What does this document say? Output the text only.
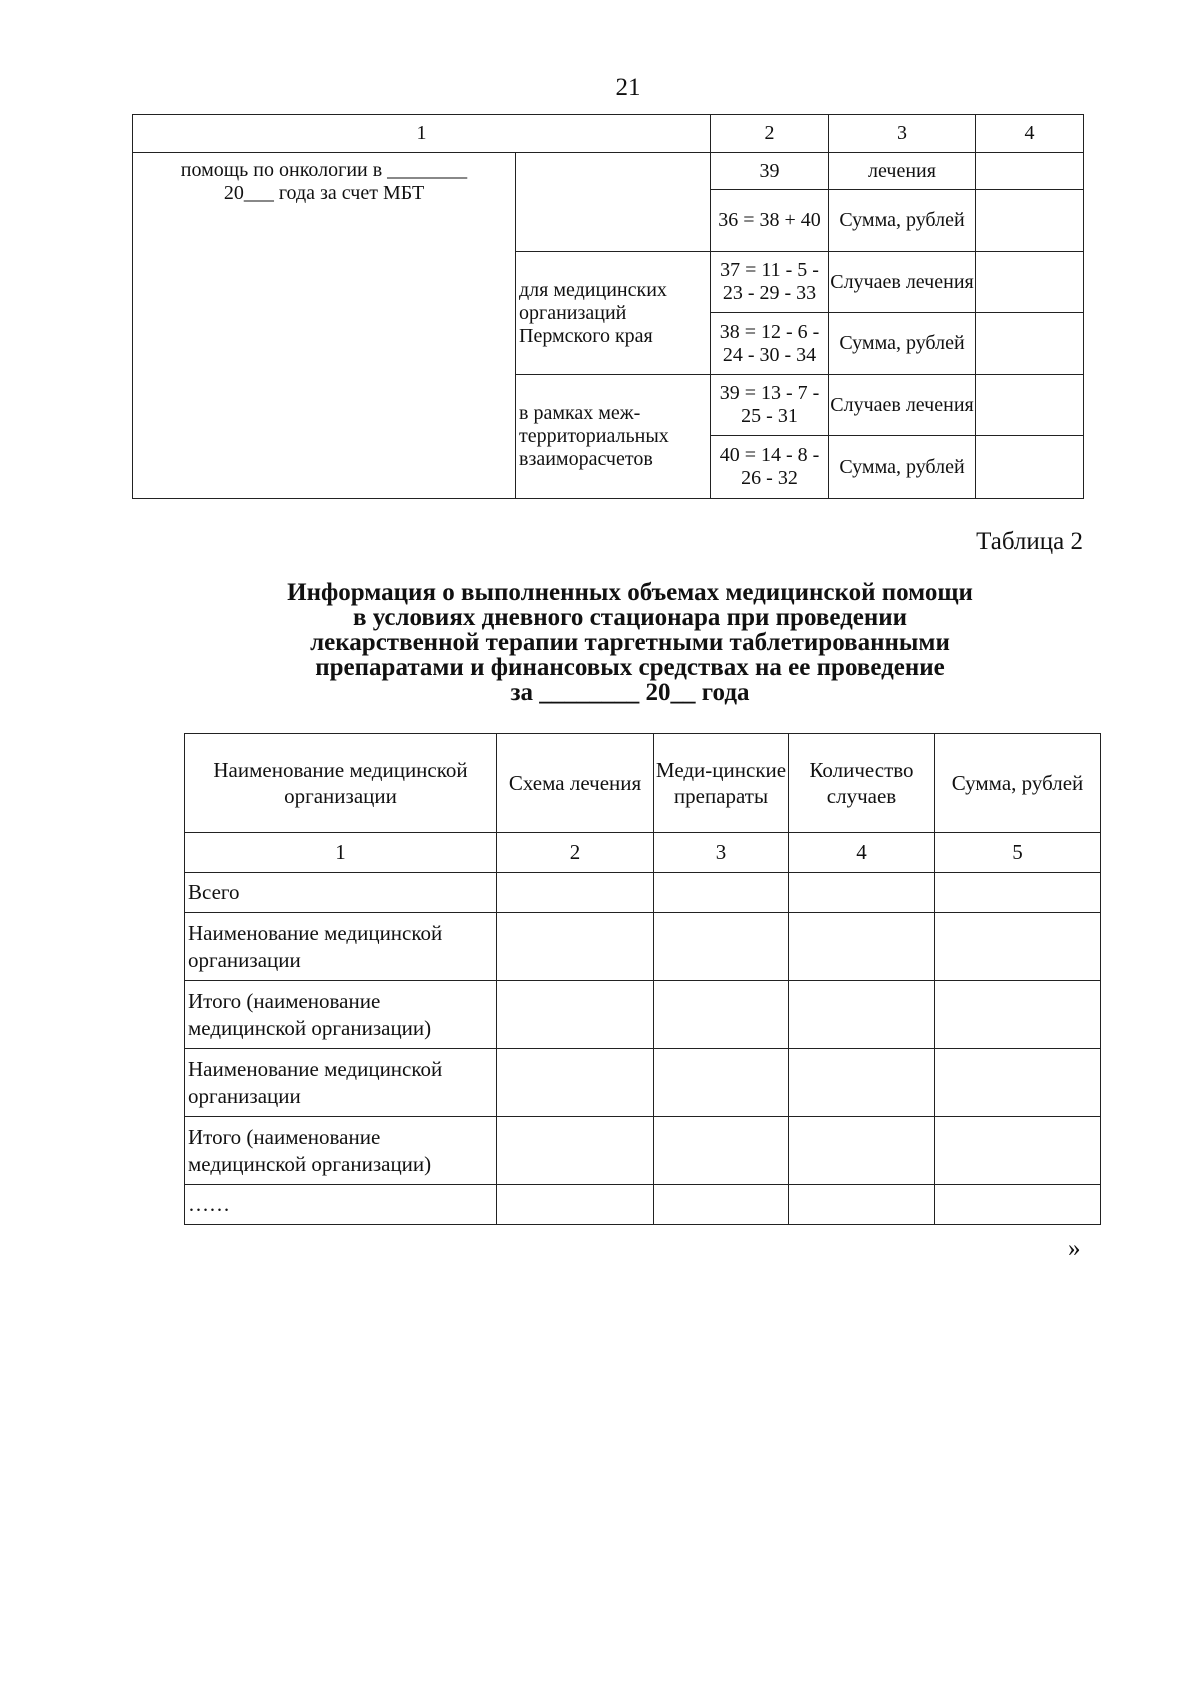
21
1		2	3	4

помощь по онкологии в ________
20___ года за счет МБТ		39	лечения	
		36 = 38 + 40	Сумма, рублей	
	для медицинских организаций Пермского края	37 = 11 - 5 - 23 - 29 - 33	Случаев лечения	
		38 = 12 - 6 - 24 - 30 - 34	Сумма, рублей	
	в рамках меж-территориальных взаиморасчетов	39 = 13 - 7 - 25 - 31	Случаев лечения	
		40 = 14 - 8 - 26 - 32	Сумма, рублей	
Таблица 2
Информация о выполненных объемах медицинской помощи
в условиях дневного стационара при проведении
лекарственной терапии таргетными таблетированными
препаратами и финансовых средствах на ее проведение
за ________ 20__ года
Наименование медицинской организации	Схема лечения	Меди-цинские препараты	Количество случаев	Сумма, рублей
1	2	3	4	5
Всего				
Наименование медицинской организации				
Итого (наименование медицинской организации)				
Наименование медицинской организации				
Итого (наименование медицинской организации)				
……				
»
